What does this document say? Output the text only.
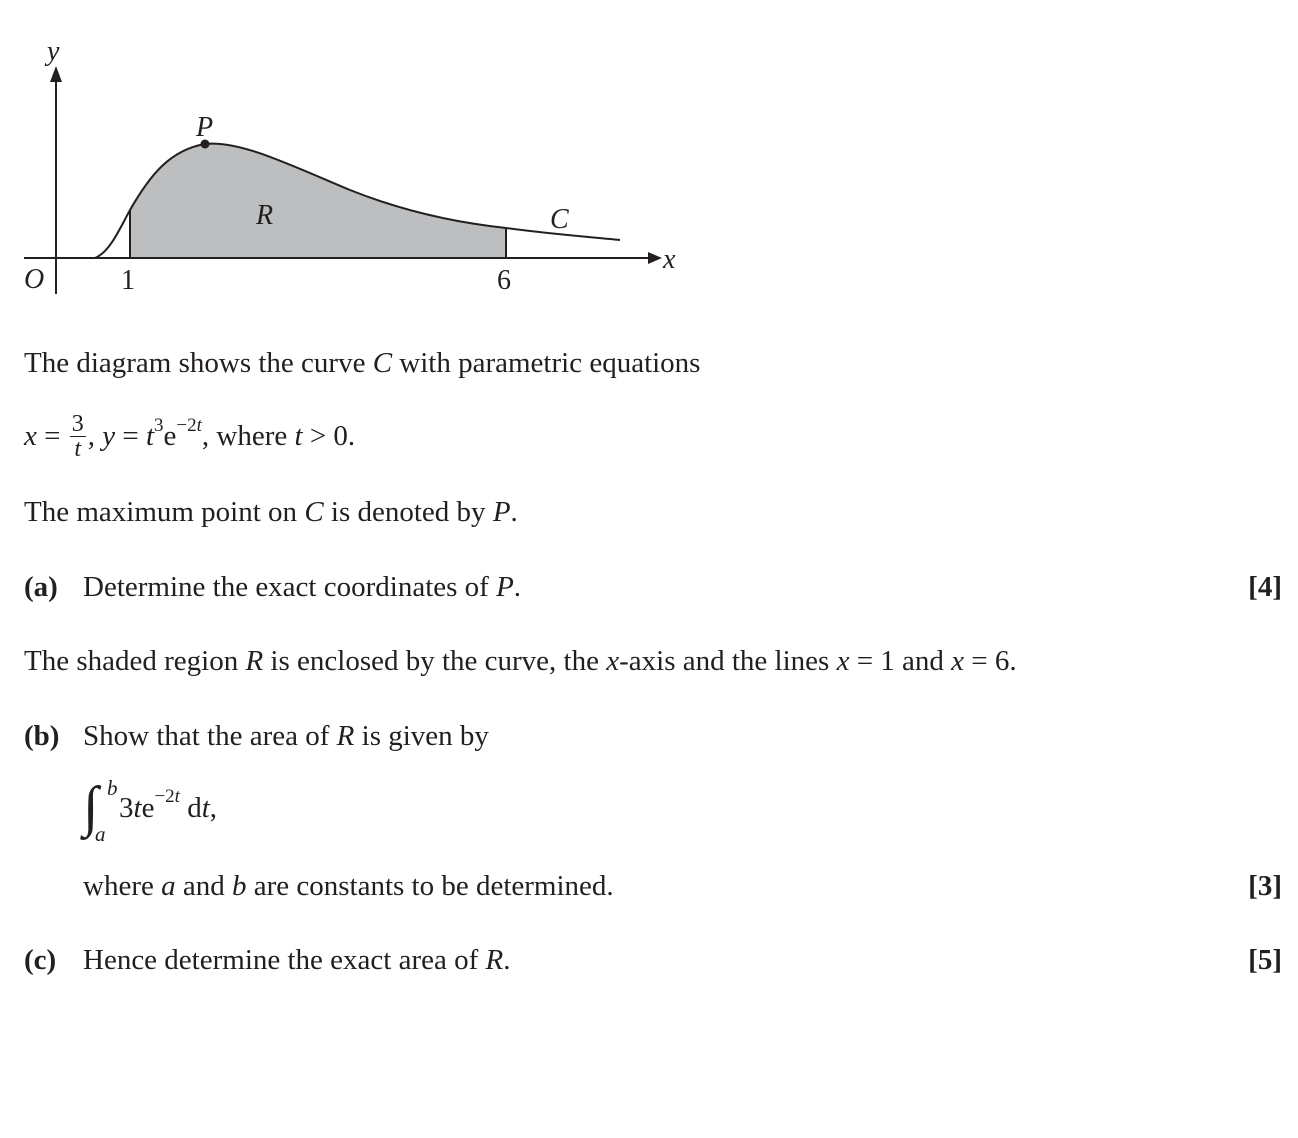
y
x
O
P
R	C
1	6
The diagram shows the curve C with parametric equations
$x = \frac{3}{t}$ , $y = t^3e^{-2t}$, where t > 0.
The maximum point on C is denoted by P.
(a) Determine the exact coordinates of P.	[4]
The shaded region R is enclosed by the curve, the x-axis and the lines x = 1 and x = 6.
(b) Show that the area of R is given by
∫ b
a
$3te^{-2t}$ dt,
where a and b are constants to be determined.	[3]
(c) Hence determine the exact area of R.	[5]
